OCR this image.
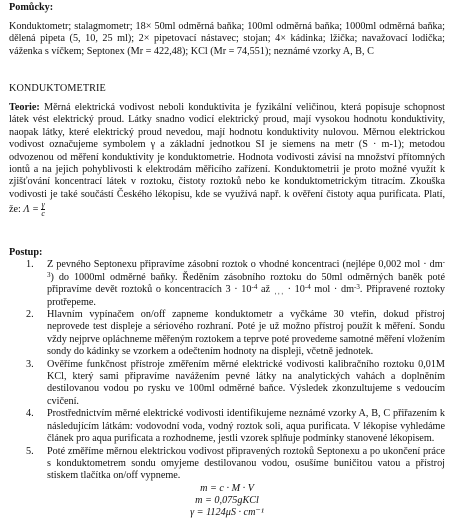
Pomůcky:
Konduktometr; stalagmometr; 18× 50ml odměrná baňka; 100ml odměrná baňka; 1000ml odměrná baňka; dělená pipeta (5, 10, 25 ml); 2× pipetovací nástavec; stojan; 4× kádinka; lžička; navažovací lodička; váženka s víčkem; Septonex (Mr = 422,48); KCl (Mr = 74,551); neznámé vzorky A, B, C
KONDUKTOMETRIE
Teorie: Měrná elektrická vodivost neboli konduktivita je fyzikální veličinou, která popisuje schopnost látek vést elektrický proud. Látky snadno vodicí elektrický proud, mají vysokou hodnotu konduktivity, naopak látky, které elektrický proud nevedou, mají hodnotu konduktivity nulovou. Měrnou elektrickou vodivost označujeme symbolem γ a základní jednotkou SI je siemens na metr (S · m-1); metodou odvozenou od měření konduktivity je konduktometrie. Hodnota vodivosti závisí na množství přítomných iontů a na jejich pohyblivosti k elektrodám měřicího zařízení. Konduktometrii je proto možné využít k zjišťování koncentrací látek v roztoku, čistoty roztoků nebo ke konduktometrickým titracím. Zkouška vodivosti je také součástí Českého lékopisu, kde se využívá např. k ověření čistoty aqua purificata. Platí, že: $\Lambda = \frac{\gamma}{c}$
Postup:
1. Z pevného Septonexu připravíme zásobní roztok o vhodné koncentraci (nejlépe 0,002 mol · $dm^{-3}$) do 1000ml odměrné baňky. Ředěním zásobního roztoku do 50ml odměrných baněk poté připravíme devět roztoků o koncentracích $3 \cdot 10^{-4}$ až ˌˌˌ · $10^{-4}$ mol · $dm^{-3}$. Připravené roztoky protřepeme.
2. Hlavním vypínačem on/off zapneme konduktometr a vyčkáme 30 vteřin, dokud přístroj neprovede test displeje a sériového rozhraní. Poté je už možno přístroj použít k měření. Sondu vždy nejprve opláchneme měřeným roztokem a teprve poté provedeme samotné měření vložením sondy do kádinky se vzorkem a odečtením hodnoty na displeji, včetně jednotek.
3. Ověříme funkčnost přístroje změřením měrné elektrické vodivosti kalibračního roztoku 0,01M KCl, který sami připravíme navážením pevné látky na analytických vahách a doplněním destilovanou vodou po rysku ve 100ml odměrné baňce. Výsledek zkonzultujeme s vedoucím cvičení.
4. Prostřednictvím měrné elektrické vodivosti identifikujeme neznámé vzorky A, B, C přiřazením k následujícím látkám: vodovodní voda, vodný roztok soli, aqua purificata. V lékopise vyhledáme článek pro aqua purificata a rozhodneme, jestli vzorek splňuje podmínky stanovené lékopisem.
5. Poté změříme měrnou elektrickou vodivost připravených roztoků Septonexu a po ukončení práce s konduktometrem sondu omyjeme destilovanou vodou, osušíme buničitou vatou a přístroj stiskem tlačítka on/off vypneme.
m = c · M · V
m = 0,075gKCl
γ = 1124μS · cm⁻¹
